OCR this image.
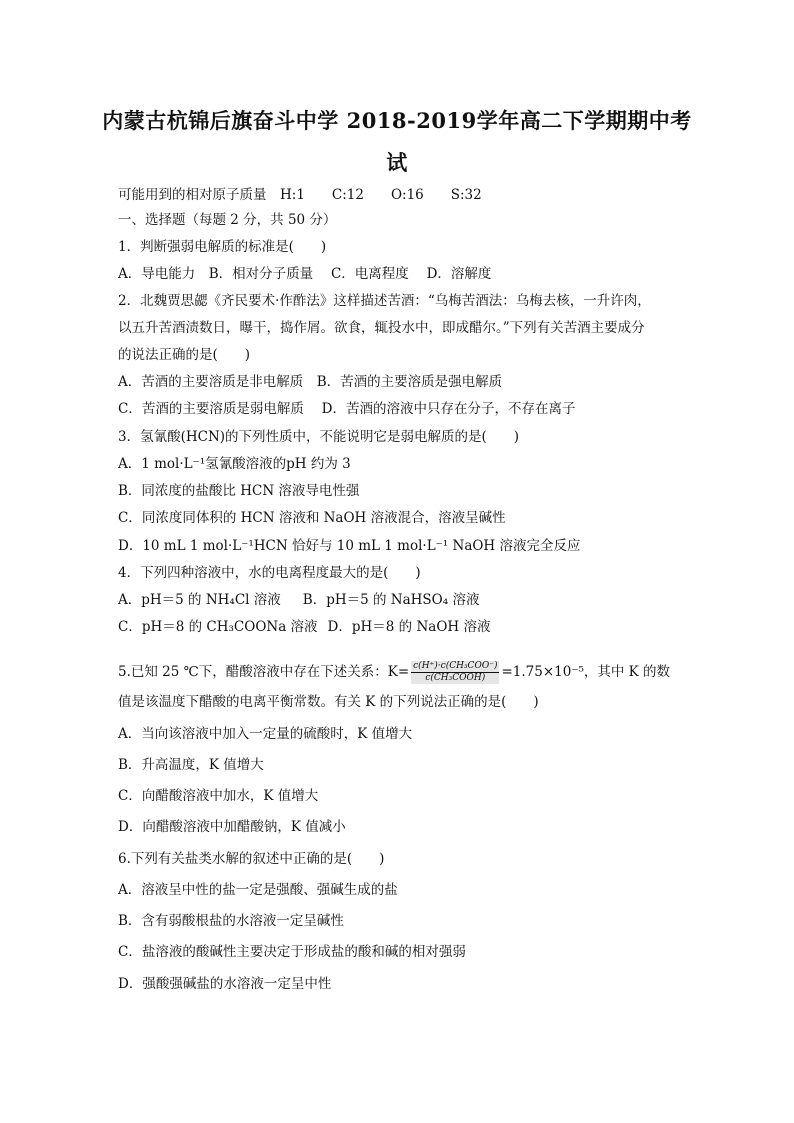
内蒙古杭锦后旗奋斗中学 2018-2019学年高二下学期期中考
试
可能用到的相对原子质量　H:1　　C:12　　O:16　　S:32
一、选择题（每题 2 分，共 50 分）
1．判断强弱电解质的标准是(　　)
A．导电能力　B．相对分子质量　 C．电离程度　 D．溶解度
2．北魏贾思勰《齐民要术·作酢法》这样描述苦酒：“乌梅苦酒法：乌梅去核，一升许肉，
以五升苦酒渍数日，曝干，捣作屑。欲食，辄投水中，即成醋尔。”下列有关苦酒主要成分
的说法正确的是(　　)
A．苦酒的主要溶质是非电解质　B．苦酒的主要溶质是强电解质
C．苦酒的主要溶质是弱电解质　 D．苦酒的溶液中只存在分子，不存在离子
3．氢氰酸(HCN)的下列性质中，不能说明它是弱电解质的是(　　)
A．1 mol·L⁻¹氢氰酸溶液的pH 约为 3
B．同浓度的盐酸比 HCN 溶液导电性强
C．同浓度同体积的 HCN 溶液和 NaOH 溶液混合，溶液呈碱性
D．10 mL 1 mol·L⁻¹HCN 恰好与 10 mL 1 mol·L⁻¹ NaOH 溶液完全反应
4．下列四种溶液中，水的电离程度最大的是(　　)
A．pH＝5 的 NH₄Cl 溶液 B．pH＝5 的 NaHSO₄ 溶液
C．pH＝8 的 CH₃COONa 溶液 D．pH＝8 的 NaOH 溶液
5.已知 25 ℃下，醋酸溶液中存在下述关系：$K= \frac{\text{c(H⁺)·c(CH₃COO⁻)}}{\text{c(CH₃COOH)}} =1.75\times 10^{-5}$，其中 K 的数
值是该温度下醋酸的电离平衡常数。有关 K 的下列说法正确的是(　　)
A．当向该溶液中加入一定量的硫酸时，K 值增大
B．升高温度，K 值增大
C．向醋酸溶液中加水，K 值增大
D．向醋酸溶液中加醋酸钠，K 值减小
6.下列有关盐类水解的叙述中正确的是(　　)
A．溶液呈中性的盐一定是强酸、强碱生成的盐
B．含有弱酸根盐的水溶液一定呈碱性
C．盐溶液的酸碱性主要决定于形成盐的酸和碱的相对强弱
D．强酸强碱盐的水溶液一定呈中性
